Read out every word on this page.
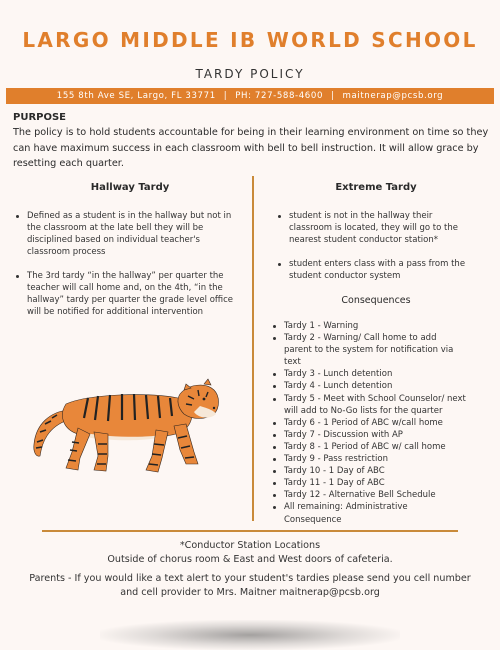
LARGO MIDDLE IB WORLD SCHOOL
TARDY POLICY
155 8th Ave SE, Largo, FL 33771 | PH: 727-588-4600 | maitnerap@pcsb.org
PURPOSE
The policy is to hold students accountable for being in their learning environment on time so they can have maximum success in each classroom with bell to bell instruction. It will allow grace by resetting each quarter.
Hallway Tardy	Extreme Tardy
Defined as a student is in the hallway but not in the classroom at the late bell they will be disciplined based on individual teacher's classroom process
The 3rd tardy “in the hallway” per quarter the teacher will call home and, on the 4th, “in the hallway” tardy per quarter the grade level office will be notified for additional intervention
student is not in the hallway their classroom is located, they will go to the nearest student conductor station*
student enters class with a pass from the student conductor system
Consequences
Tardy 1 - Warning
Tardy 2 - Warning/ Call home to add parent to the system for notification via text
Tardy 3 - Lunch detention
Tardy 4 - Lunch detention
Tardy 5 - Meet with School Counselor/ next will add to No-Go lists for the quarter
Tardy 6 - 1 Period of ABC w/call home
Tardy 7 - Discussion with AP
Tardy 8 - 1 Period of ABC w/ call home
Tardy 9 - Pass restriction
Tardy 10 - 1 Day of ABC
Tardy 11 - 1 Day of ABC
Tardy 12 - Alternative Bell Schedule
All remaining: Administrative Consequence
*Conductor Station Locations
Outside of chorus room & East and West doors of cafeteria.
Parents - If you would like a text alert to your student's tardies please send you cell number and cell provider to Mrs. Maitner maitnerap@pcsb.org
